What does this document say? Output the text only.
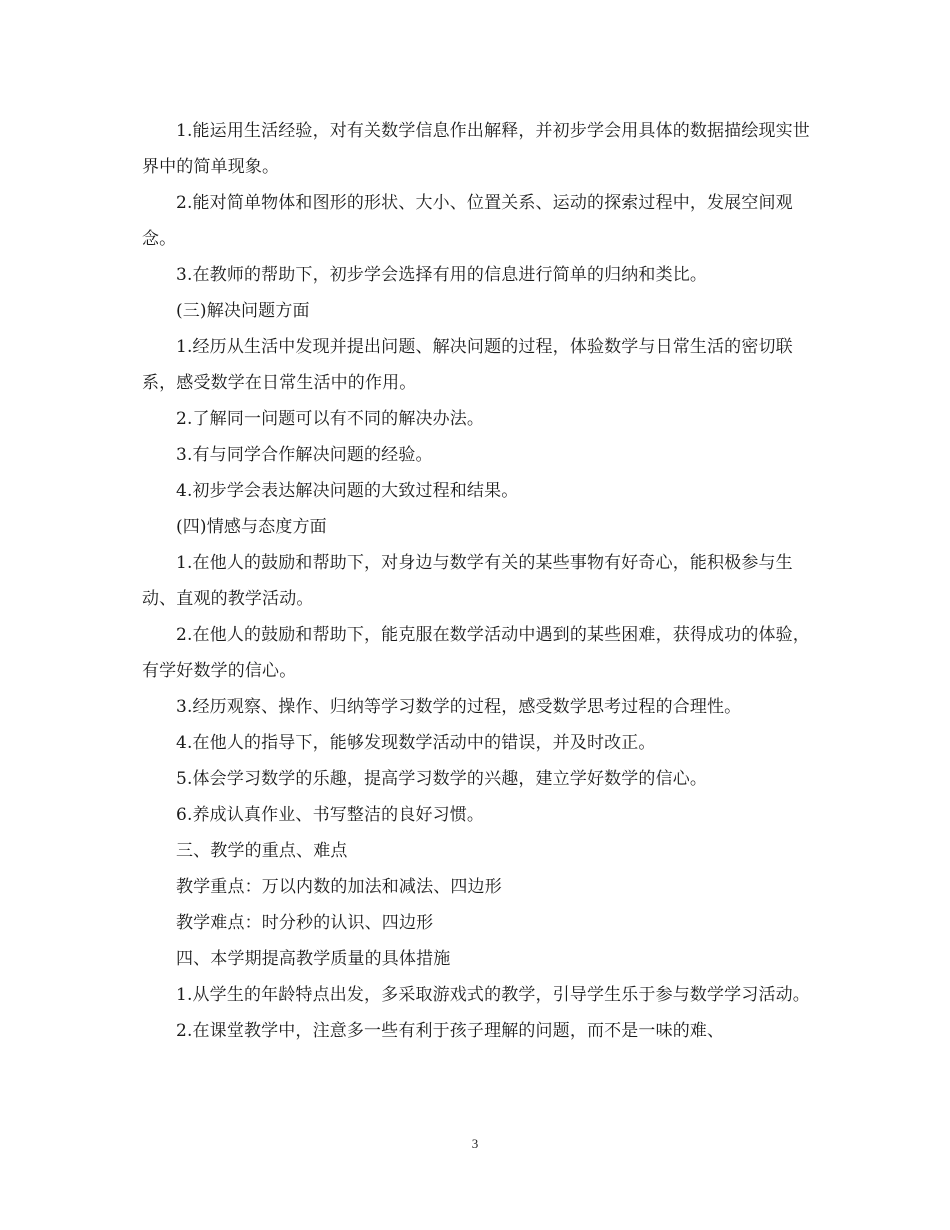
1.能运用生活经验，对有关数学信息作出解释，并初步学会用具体的数据描绘现实世界中的简单现象。

2.能对简单物体和图形的形状、大小、位置关系、运动的探索过程中，发展空间观念。

3.在教师的帮助下，初步学会选择有用的信息进行简单的归纳和类比。

(三)解决问题方面

1.经历从生活中发现并提出问题、解决问题的过程，体验数学与日常生活的密切联系，感受数学在日常生活中的作用。

2.了解同一问题可以有不同的解决办法。

3.有与同学合作解决问题的经验。

4.初步学会表达解决问题的大致过程和结果。

(四)情感与态度方面

1.在他人的鼓励和帮助下，对身边与数学有关的某些事物有好奇心，能积极参与生动、直观的教学活动。

2.在他人的鼓励和帮助下，能克服在数学活动中遇到的某些困难，获得成功的体验，有学好数学的信心。

3.经历观察、操作、归纳等学习数学的过程，感受数学思考过程的合理性。

4.在他人的指导下，能够发现数学活动中的错误，并及时改正。

5.体会学习数学的乐趣，提高学习数学的兴趣，建立学好数学的信心。

6.养成认真作业、书写整洁的良好习惯。

三、教学的重点、难点

教学重点：万以内数的加法和减法、四边形

教学难点：时分秒的认识、四边形

四、本学期提高教学质量的具体措施

1.从学生的年龄特点出发，多采取游戏式的教学，引导学生乐于参与数学学习活动。

2.在课堂教学中，注意多一些有利于孩子理解的问题，而不是一味的难、

3
